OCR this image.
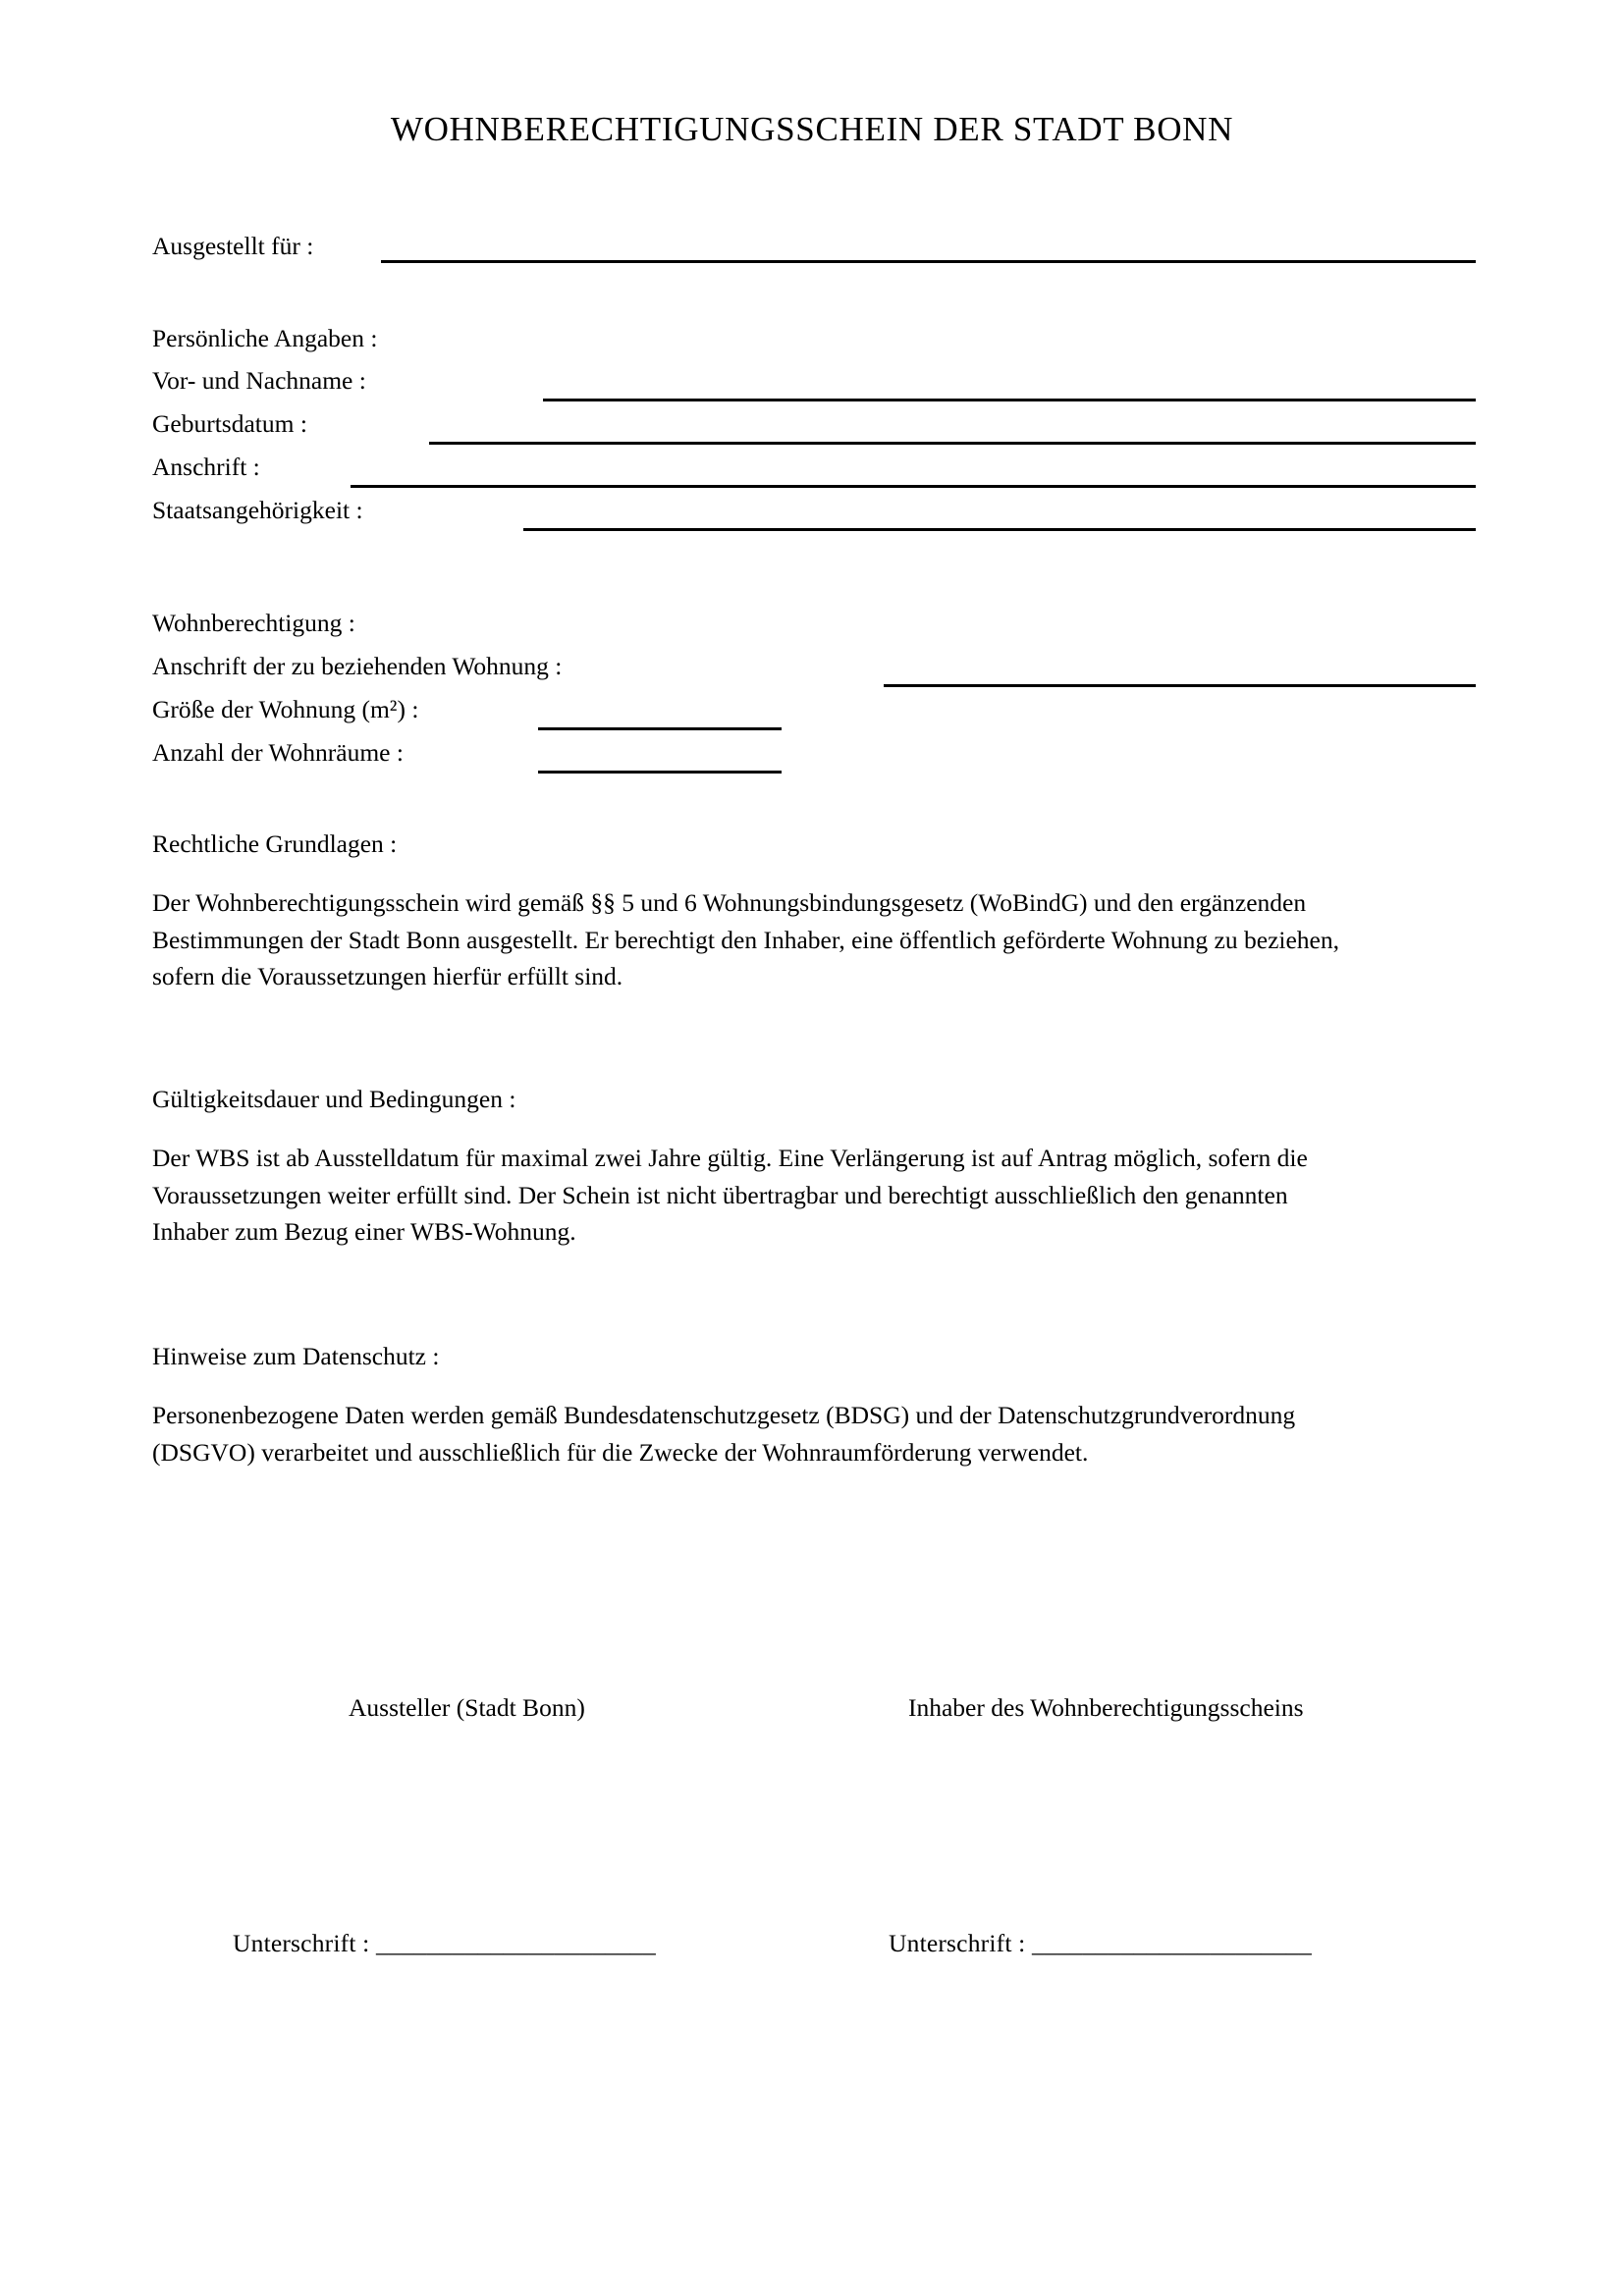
WOHNBERECHTIGUNGSSCHEIN DER STADT BONN
Ausgestellt für :
Persönliche Angaben :
Vor- und Nachname :
Geburtsdatum :
Anschrift :
Staatsangehörigkeit :
Wohnberechtigung :
Anschrift der zu beziehenden Wohnung :
Größe der Wohnung (m²) :
Anzahl der Wohnräume :
Rechtliche Grundlagen :
Der Wohnberechtigungsschein wird gemäß §§ 5 und 6 Wohnungsbindungsgesetz (WoBindG) und den ergänzenden
Bestimmungen der Stadt Bonn ausgestellt. Er berechtigt den Inhaber, eine öffentlich geförderte Wohnung zu beziehen,
sofern die Voraussetzungen hierfür erfüllt sind.
Gültigkeitsdauer und Bedingungen :
Der WBS ist ab Ausstelldatum für maximal zwei Jahre gültig. Eine Verlängerung ist auf Antrag möglich, sofern die
Voraussetzungen weiter erfüllt sind. Der Schein ist nicht übertragbar und berechtigt ausschließlich den genannten
Inhaber zum Bezug einer WBS-Wohnung.
Hinweise zum Datenschutz :
Personenbezogene Daten werden gemäß Bundesdatenschutzgesetz (BDSG) und der Datenschutzgrundverordnung
(DSGVO) verarbeitet und ausschließlich für die Zwecke der Wohnraumförderung verwendet.
Aussteller (Stadt Bonn)	Inhaber des Wohnberechtigungsscheins
Unterschrift : ______________________	Unterschrift : ______________________
